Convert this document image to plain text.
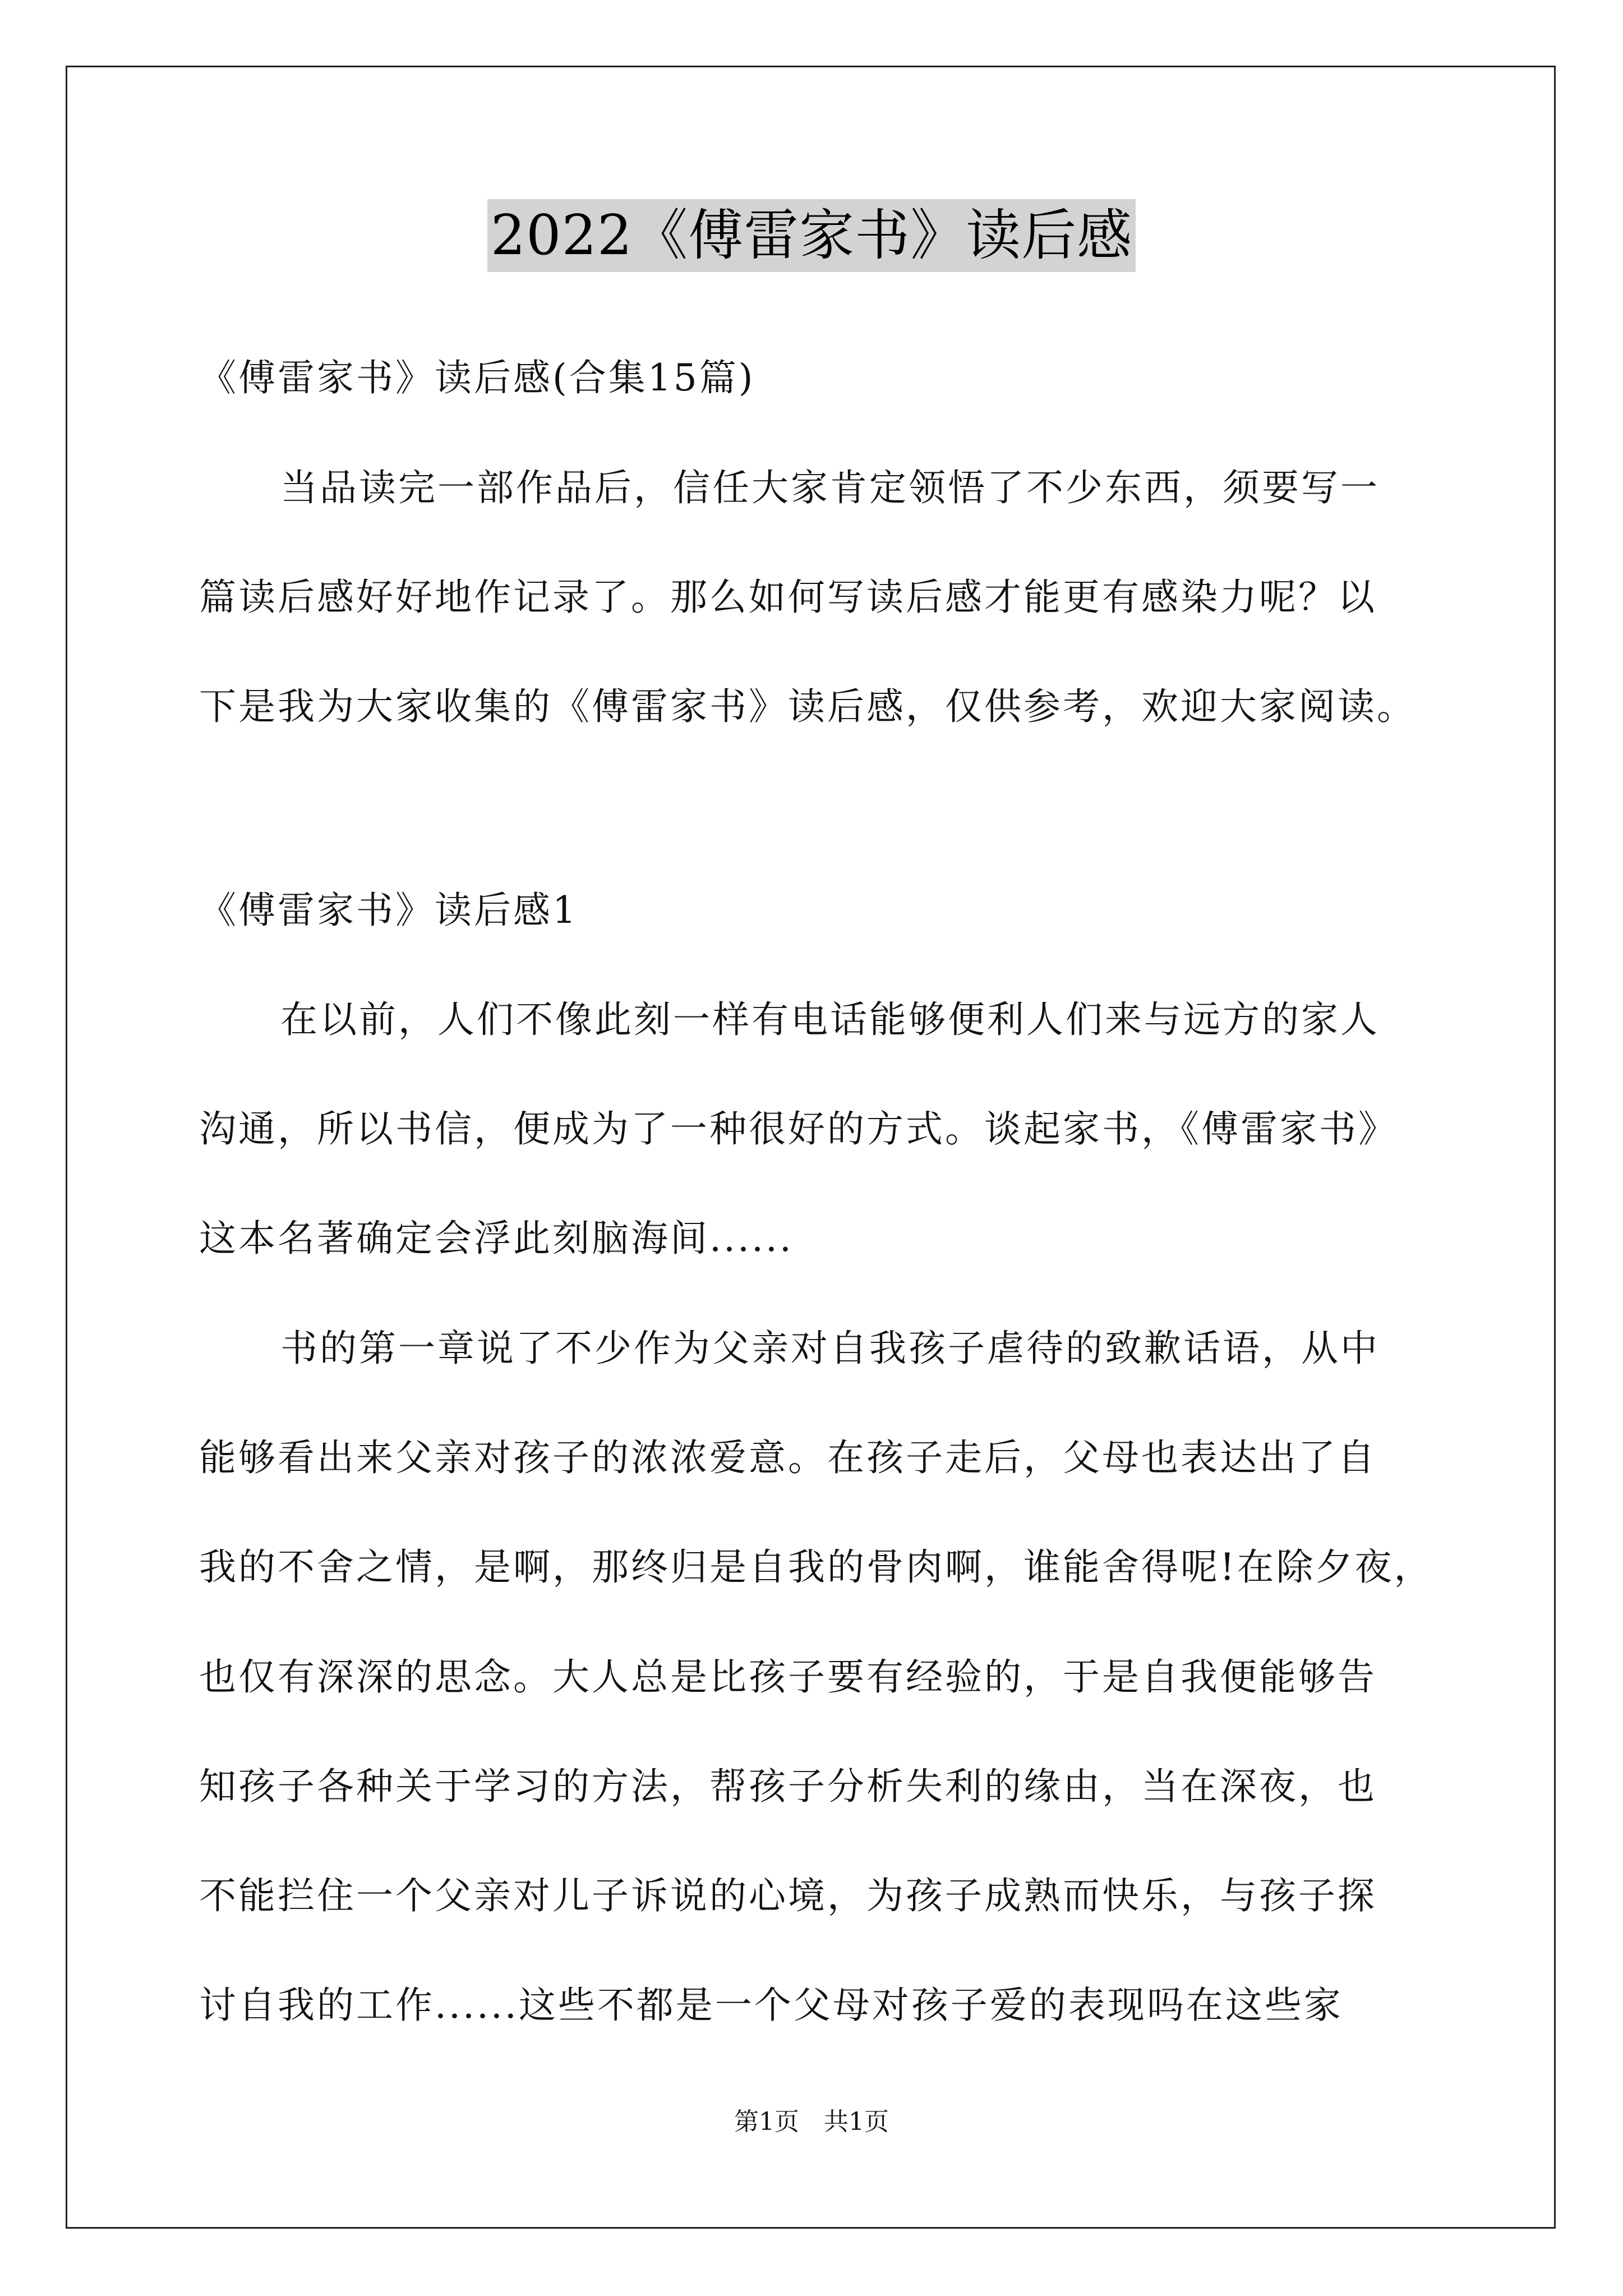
2022《傅雷家书》读后感
《傅雷家书》读后感(合集15篇)
当品读完一部作品后，信任大家肯定领悟了不少东西，须要写一
篇读后感好好地作记录了。那么如何写读后感才能更有感染力呢？以
下是我为大家收集的《傅雷家书》读后感，仅供参考，欢迎大家阅读。
《傅雷家书》读后感1
在以前，人们不像此刻一样有电话能够便利人们来与远方的家人
沟通，所以书信，便成为了一种很好的方式。谈起家书，《傅雷家书》
这本名著确定会浮此刻脑海间......
书的第一章说了不少作为父亲对自我孩子虐待的致歉话语，从中
能够看出来父亲对孩子的浓浓爱意。在孩子走后，父母也表达出了自
我的不舍之情，是啊，那终归是自我的骨肉啊，谁能舍得呢!在除夕夜，
也仅有深深的思念。大人总是比孩子要有经验的，于是自我便能够告
知孩子各种关于学习的方法，帮孩子分析失利的缘由，当在深夜，也
不能拦住一个父亲对儿子诉说的心境，为孩子成熟而快乐，与孩子探
讨自我的工作......这些不都是一个父母对孩子爱的表现吗在这些家
第1页 共1页
